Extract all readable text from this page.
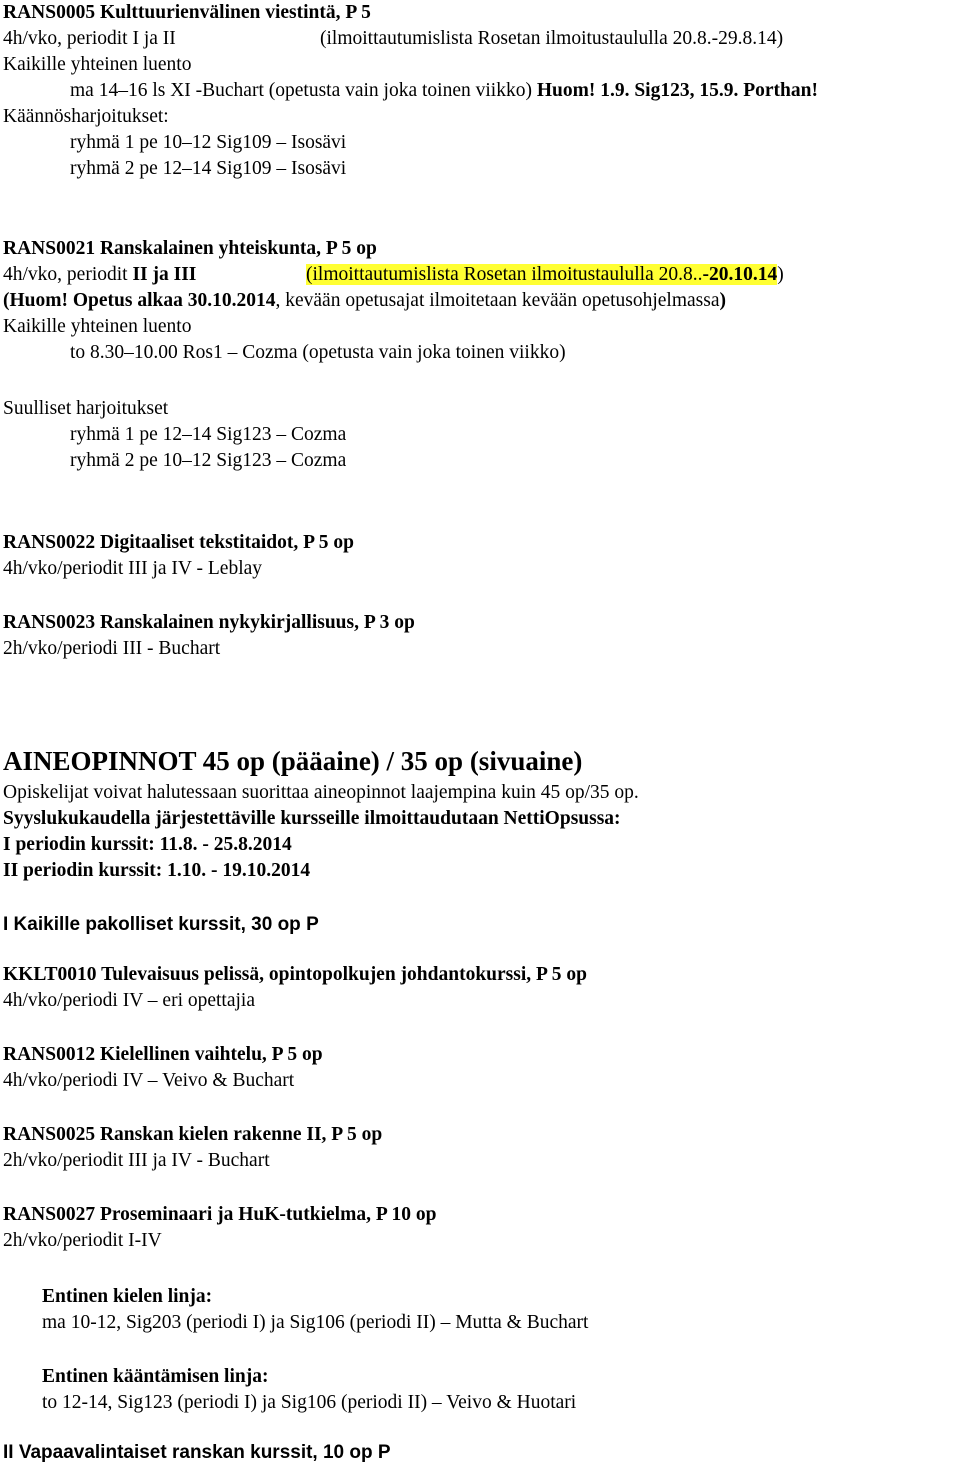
RANS0005 Kulttuurienvälinen viestintä, P 5
4h/vko, periodit I ja II	(ilmoittautumislista Rosetan ilmoitustaululla 20.8.-29.8.14)
Kaikille yhteinen luento
ma 14–16 ls XI -Buchart (opetusta vain joka toinen viikko) Huom! 1.9. Sig123, 15.9. Porthan!
Käännösharjoitukset:
ryhmä 1 pe 10–12 Sig109 – Isosävi
ryhmä 2 pe 12–14 Sig109 – Isosävi
RANS0021 Ranskalainen yhteiskunta, P 5 op
4h/vko, periodit II ja III	(ilmoittautumislista Rosetan ilmoitustaululla 20.8..-20.10.14)
(Huom! Opetus alkaa 30.10.2014, kevään opetusajat ilmoitetaan kevään opetusohjelmassa)
Kaikille yhteinen luento
to 8.30–10.00 Ros1 – Cozma (opetusta vain joka toinen viikko)
Suulliset harjoitukset
ryhmä 1 pe 12–14 Sig123 – Cozma
ryhmä 2 pe 10–12 Sig123 – Cozma
RANS0022 Digitaaliset tekstitaidot, P 5 op
4h/vko/periodit III ja IV - Leblay
RANS0023 Ranskalainen nykykirjallisuus, P 3 op
2h/vko/periodi III - Buchart
AINEOPINNOT 45 op (pääaine) / 35 op (sivuaine)
Opiskelijat voivat halutessaan suorittaa aineopinnot laajempina kuin 45 op/35 op.
Syyslukukaudella järjestettäville kursseille ilmoittaudutaan NettiOpsussa:
I periodin kurssit: 11.8. - 25.8.2014
II periodin kurssit: 1.10. - 19.10.2014
I Kaikille pakolliset kurssit, 30 op P
KKLT0010 Tulevaisuus pelissä, opintopolkujen johdantokurssi, P 5 op
4h/vko/periodi IV – eri opettajia
RANS0012 Kielellinen vaihtelu, P 5 op
4h/vko/periodi IV – Veivo & Buchart
RANS0025 Ranskan kielen rakenne II, P 5 op
2h/vko/periodit III ja IV - Buchart
RANS0027 Proseminaari ja HuK-tutkielma, P 10 op
2h/vko/periodit I-IV
Entinen kielen linja:
ma 10-12, Sig203 (periodi I) ja Sig106 (periodi II) – Mutta & Buchart
Entinen kääntämisen linja:
to 12-14, Sig123 (periodi I) ja Sig106 (periodi II) – Veivo & Huotari
II Vapaavalintaiset ranskan kurssit, 10 op P
